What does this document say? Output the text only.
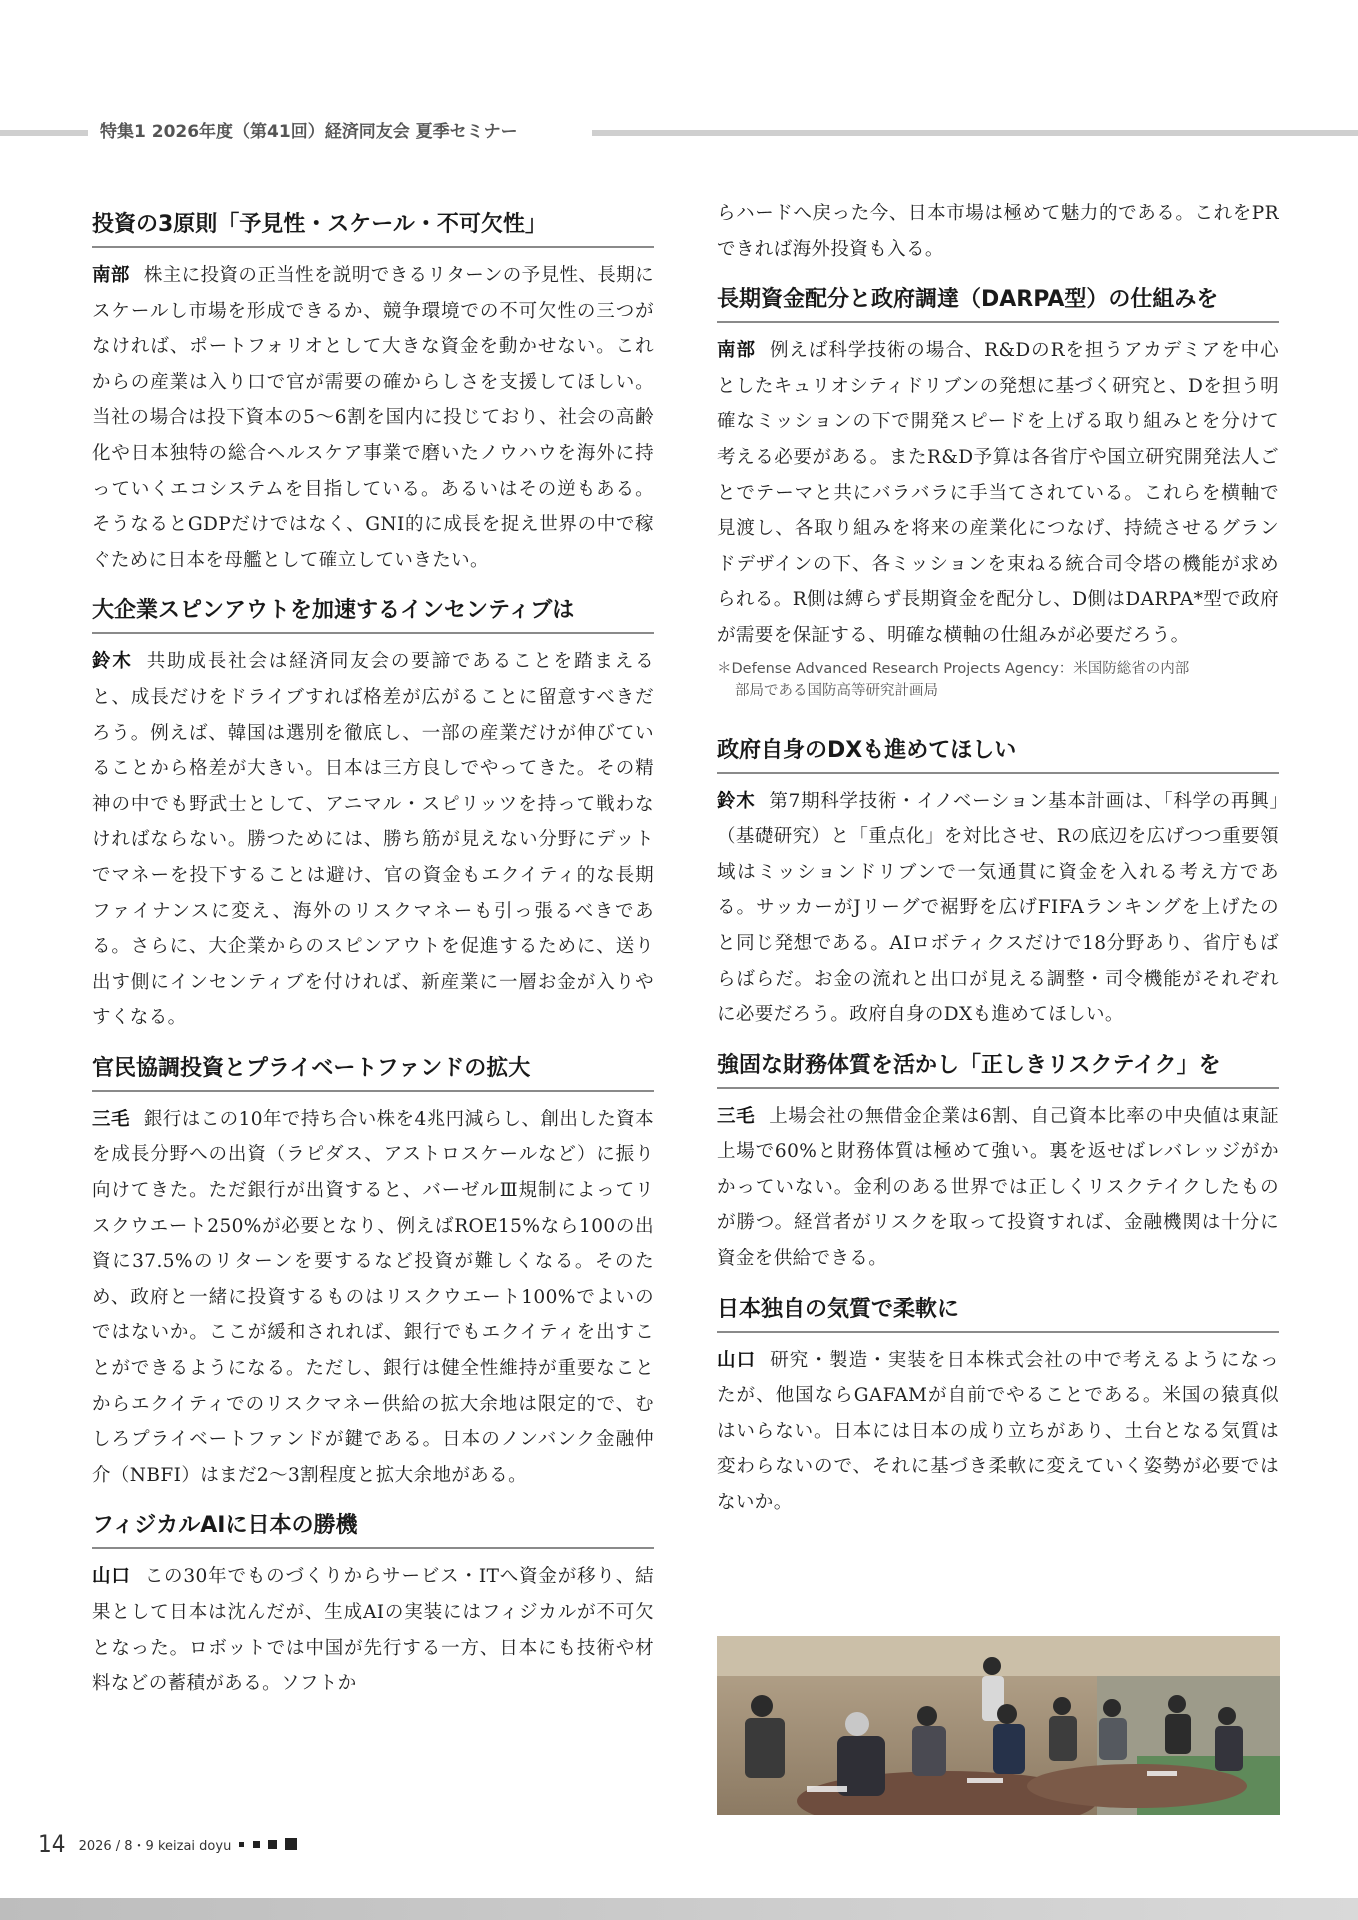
特集1 2026年度（第41回）経済同友会 夏季セミナー
投資の3原則「予見性・スケール・不可欠性」

南部 株主に投資の正当性を説明できるリターンの予見性、長期にスケールし市場を形成できるか、競争環境での不可欠性の三つがなければ、ポートフォリオとして大きな資金を動かせない。これからの産業は入り口で官が需要の確からしさを支援してほしい。当社の場合は投下資本の5～6割を国内に投じており、社会の高齢化や日本独特の総合ヘルスケア事業で磨いたノウハウを海外に持っていくエコシステムを目指している。あるいはその逆もある。そうなるとGDPだけではなく、GNI的に成長を捉え世界の中で稼ぐために日本を母艦として確立していきたい。

大企業スピンアウトを加速するインセンティブは

鈴木 共助成長社会は経済同友会の要諦であることを踏まえると、成長だけをドライブすれば格差が広がることに留意すべきだろう。例えば、韓国は選別を徹底し、一部の産業だけが伸びていることから格差が大きい。日本は三方良しでやってきた。その精神の中でも野武士として、アニマル・スピリッツを持って戦わなければならない。勝つためには、勝ち筋が見えない分野にデットでマネーを投下することは避け、官の資金もエクイティ的な長期ファイナンスに変え、海外のリスクマネーも引っ張るべきである。さらに、大企業からのスピンアウトを促進するために、送り出す側にインセンティブを付ければ、新産業に一層お金が入りやすくなる。

官民協調投資とプライベートファンドの拡大

三毛 銀行はこの10年で持ち合い株を4兆円減らし、創出した資本を成長分野への出資（ラピダス、アストロスケールなど）に振り向けてきた。ただ銀行が出資すると、バーゼルⅢ規制によってリスクウエート250%が必要となり、例えばROE15%なら100の出資に37.5%のリターンを要するなど投資が難しくなる。そのため、政府と一緒に投資するものはリスクウエート100%でよいのではないか。ここが緩和されれば、銀行でもエクイティを出すことができるようになる。ただし、銀行は健全性維持が重要なことからエクイティでのリスクマネー供給の拡大余地は限定的で、むしろプライベートファンドが鍵である。日本のノンバンク金融仲介（NBFI）はまだ2～3割程度と拡大余地がある。

フィジカルAIに日本の勝機

山口 この30年でものづくりからサービス・ITへ資金が移り、結果として日本は沈んだが、生成AIの実装にはフィジカルが不可欠となった。ロボットでは中国が先行する一方、日本にも技術や材料などの蓄積がある。ソフトか

らハードへ戻った今、日本市場は極めて魅力的である。これをPRできれば海外投資も入る。

長期資金配分と政府調達（DARPA型）の仕組みを

南部 例えば科学技術の場合、R&DのRを担うアカデミアを中心としたキュリオシティドリブンの発想に基づく研究と、Dを担う明確なミッションの下で開発スピードを上げる取り組みとを分けて考える必要がある。またR&D予算は各省庁や国立研究開発法人ごとでテーマと共にバラバラに手当てされている。これらを横軸で見渡し、各取り組みを将来の産業化につなげ、持続させるグランドデザインの下、各ミッションを束ねる統合司令塔の機能が求められる。R側は縛らず長期資金を配分し、D側はDARPA*型で政府が需要を保証する、明確な横軸の仕組みが必要だろう。

＊Defense Advanced Research Projects Agency：米国防総省の内部
部局である国防高等研究計画局

政府自身のDXも進めてほしい

鈴木 第7期科学技術・イノベーション基本計画は、「科学の再興」（基礎研究）と「重点化」を対比させ、Rの底辺を広げつつ重要領域はミッションドリブンで一気通貫に資金を入れる考え方である。サッカーがJリーグで裾野を広げFIFAランキングを上げたのと同じ発想である。AIロボティクスだけで18分野あり、省庁もばらばらだ。お金の流れと出口が見える調整・司令機能がそれぞれに必要だろう。政府自身のDXも進めてほしい。

強固な財務体質を活かし「正しきリスクテイク」を

三毛 上場会社の無借金企業は6割、自己資本比率の中央値は東証上場で60%と財務体質は極めて強い。裏を返せばレバレッジがかかっていない。金利のある世界では正しくリスクテイクしたものが勝つ。経営者がリスクを取って投資すれば、金融機関は十分に資金を供給できる。

日本独自の気質で柔軟に

山口 研究・製造・実装を日本株式会社の中で考えるようになったが、他国ならGAFAMが自前でやることである。米国の猿真似はいらない。日本には日本の成り立ちがあり、土台となる気質は変わらないので、それに基づき柔軟に変えていく姿勢が必要ではないか。

14 2026 / 8・9 keizai doyu
